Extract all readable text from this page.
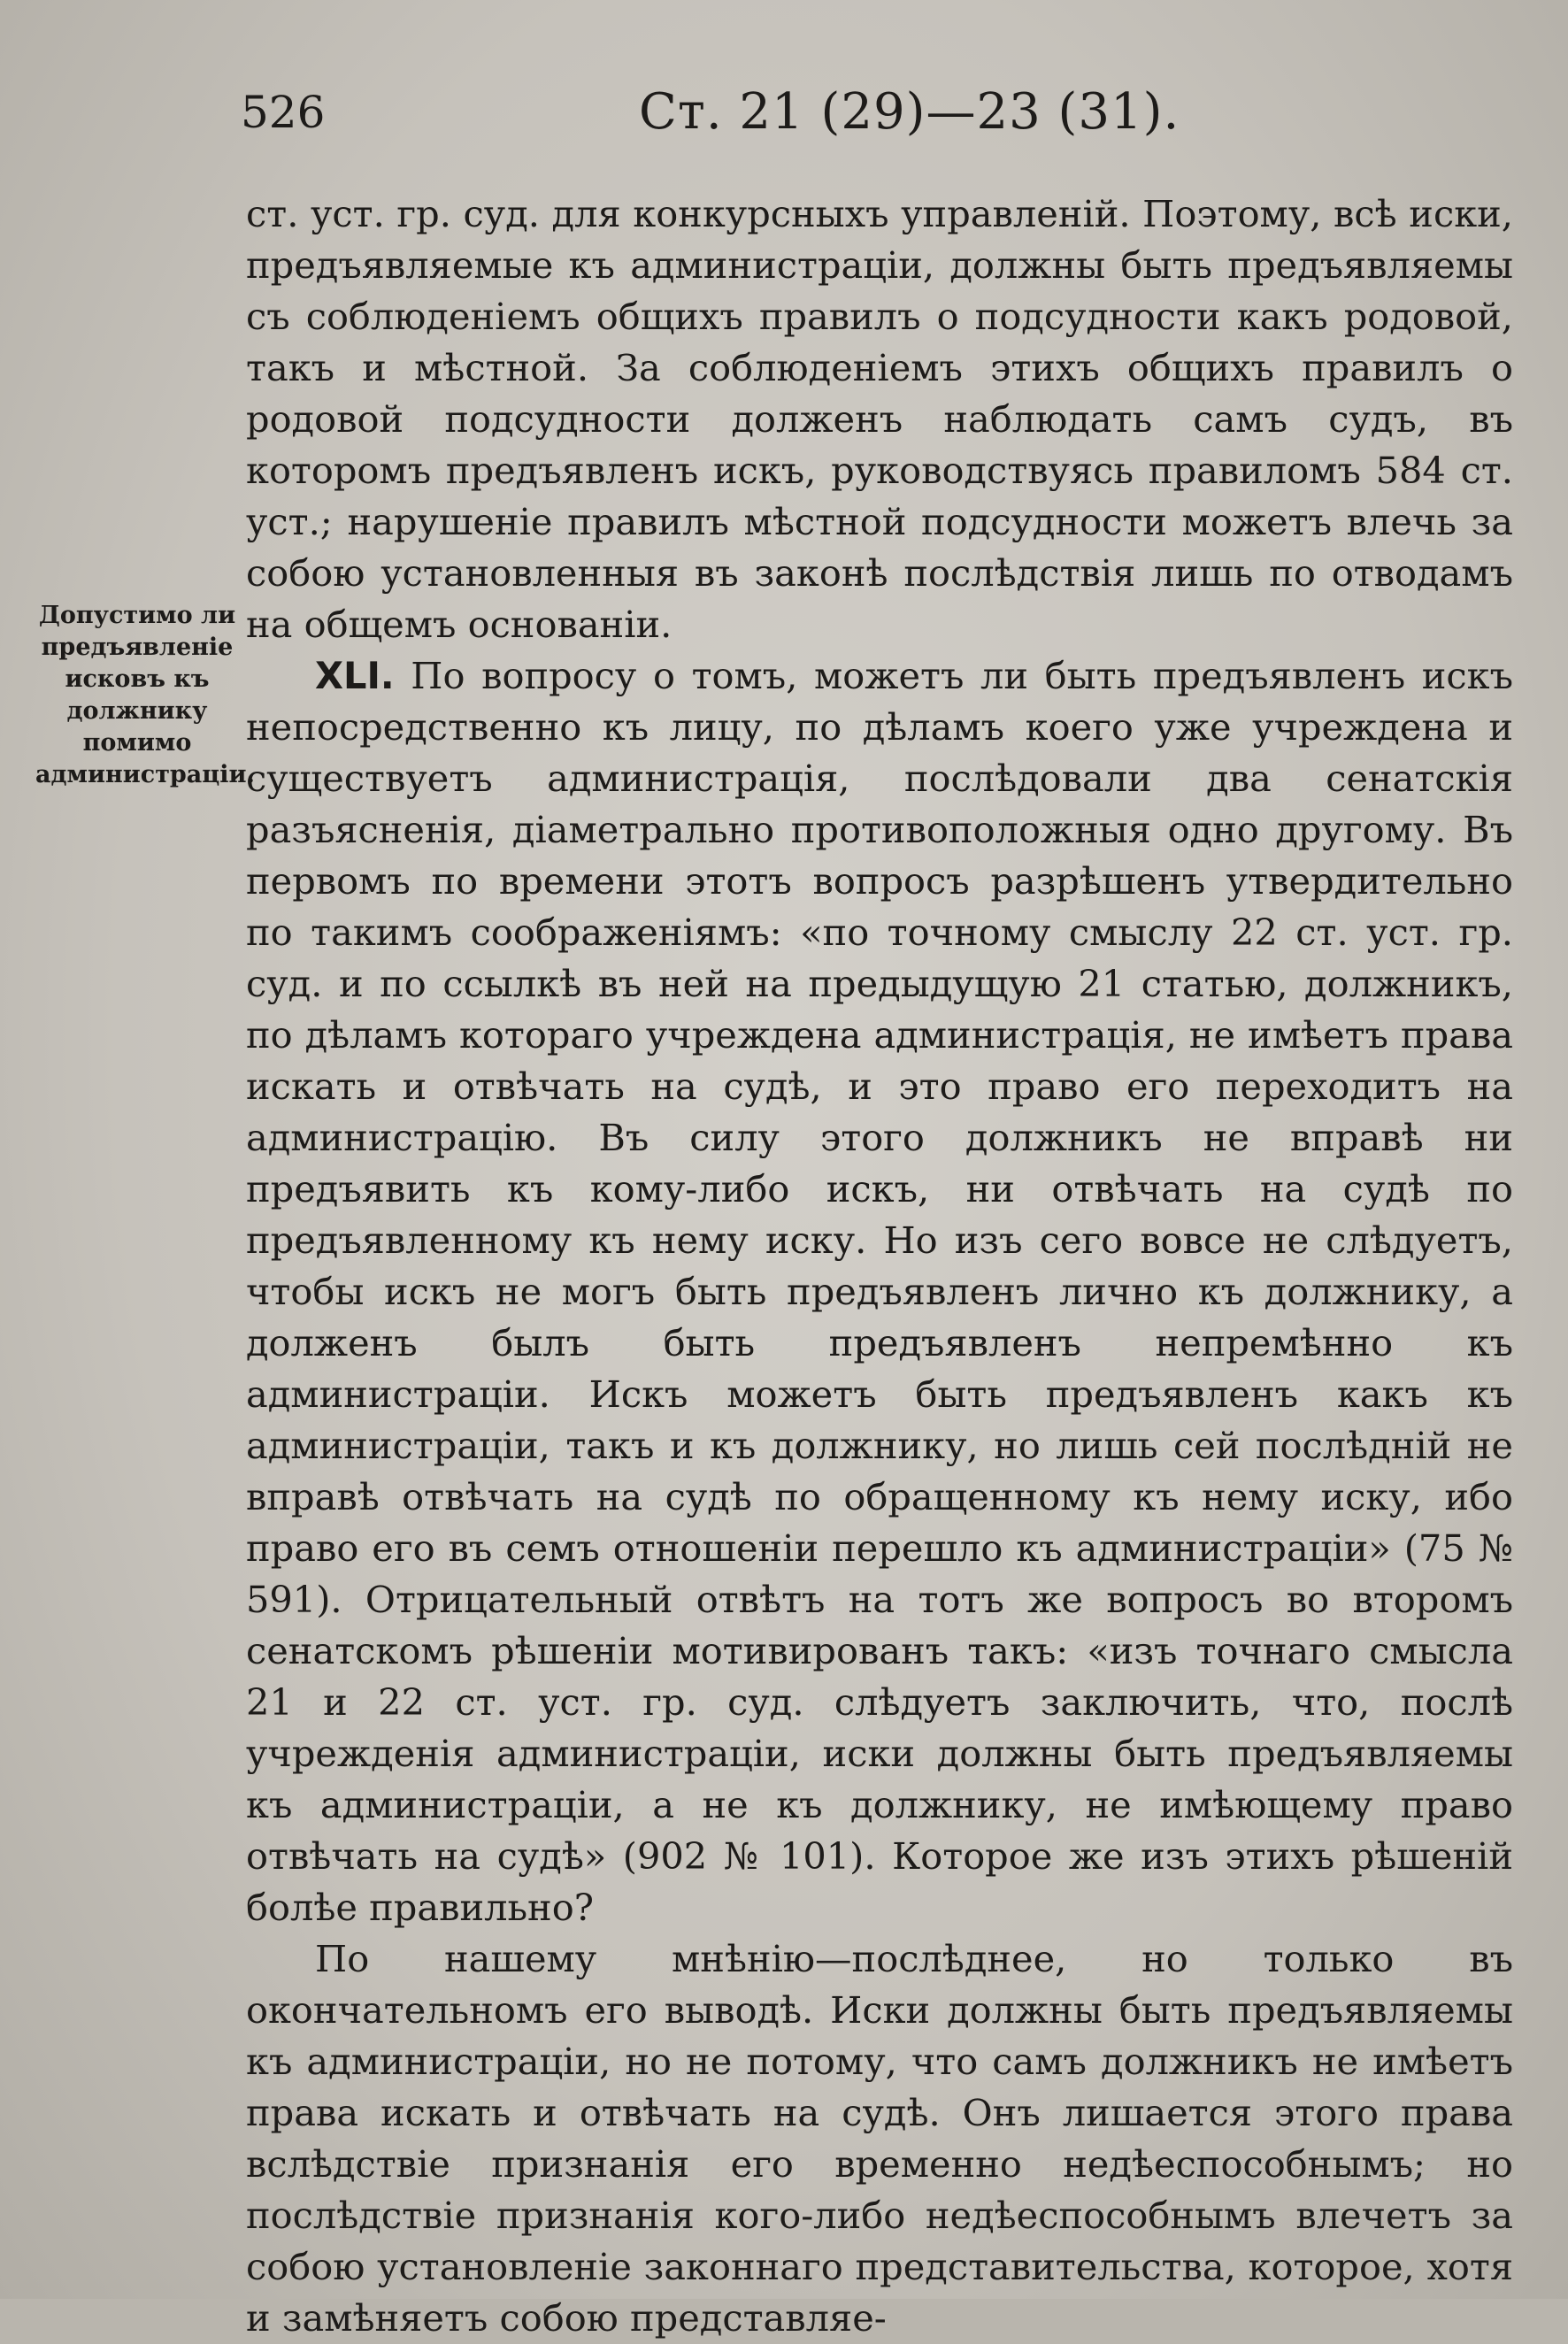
526	Ст. 21 (29)—23 (31).
Допустимо ли предъявленіе исковъ къ должнику помимо администраціи.

ст. уст. гр. суд. для конкурсныхъ управленій. Поэтому, всѣ иски, предъявляемые къ администраціи, должны быть предъявляемы съ соблюденіемъ общихъ правилъ о подсудности какъ родовой, такъ и мѣстной. За соблюденіемъ этихъ общихъ правилъ о родовой подсудности долженъ наблюдать самъ судъ, въ которомъ предъявленъ искъ, руководствуясь правиломъ 584 ст. уст.; нарушеніе правилъ мѣстной подсудности можетъ влечь за собою установленныя въ законѣ послѣдствія лишь по отводамъ на общемъ основаніи.

XLI. По вопросу о томъ, можетъ ли быть предъявленъ искъ непосредственно къ лицу, по дѣламъ коего уже учреждена и существуетъ администрація, послѣдовали два сенатскія разъясненія, діаметрально противоположныя одно другому. Въ первомъ по времени этотъ вопросъ разрѣшенъ утвердительно по такимъ соображеніямъ: «по точному смыслу 22 ст. уст. гр. суд. и по ссылкѣ въ ней на предыдущую 21 статью, должникъ, по дѣламъ котораго учреждена администрація, не имѣетъ права искать и отвѣчать на судѣ, и это право его переходитъ на администрацію. Въ силу этого должникъ не вправѣ ни предъявить къ кому-либо искъ, ни отвѣчать на судѣ по предъявленному къ нему иску. Но изъ сего вовсе не слѣдуетъ, чтобы искъ не могъ быть предъявленъ лично къ должнику, а долженъ былъ быть предъявленъ непремѣнно къ администраціи. Искъ можетъ быть предъявленъ какъ къ администраціи, такъ и къ должнику, но лишь сей послѣдній не вправѣ отвѣчать на судѣ по обращенному къ нему иску, ибо право его въ семъ отношеніи перешло къ администраціи» (75 № 591). Отрицательный отвѣтъ на тотъ же вопросъ во второмъ сенатскомъ рѣшеніи мотивированъ такъ: «изъ точнаго смысла 21 и 22 ст. уст. гр. суд. слѣдуетъ заключить, что, послѣ учрежденія администраціи, иски должны быть предъявляемы къ администраціи, а не къ должнику, не имѣющему право отвѣчать на судѣ» (902 № 101). Которое же изъ этихъ рѣшеній болѣе правильно?

По нашему мнѣнію—послѣднее, но только въ окончательномъ его выводѣ. Иски должны быть предъявляемы къ администраціи, но не потому, что самъ должникъ не имѣетъ права искать и отвѣчать на судѣ. Онъ лишается этого права вслѣдствіе признанія его временно недѣеспособнымъ; но послѣдствіе признанія кого-либо недѣеспособнымъ влечетъ за собою установленіе законнаго представительства, которое, хотя и замѣняетъ собою представляе-
